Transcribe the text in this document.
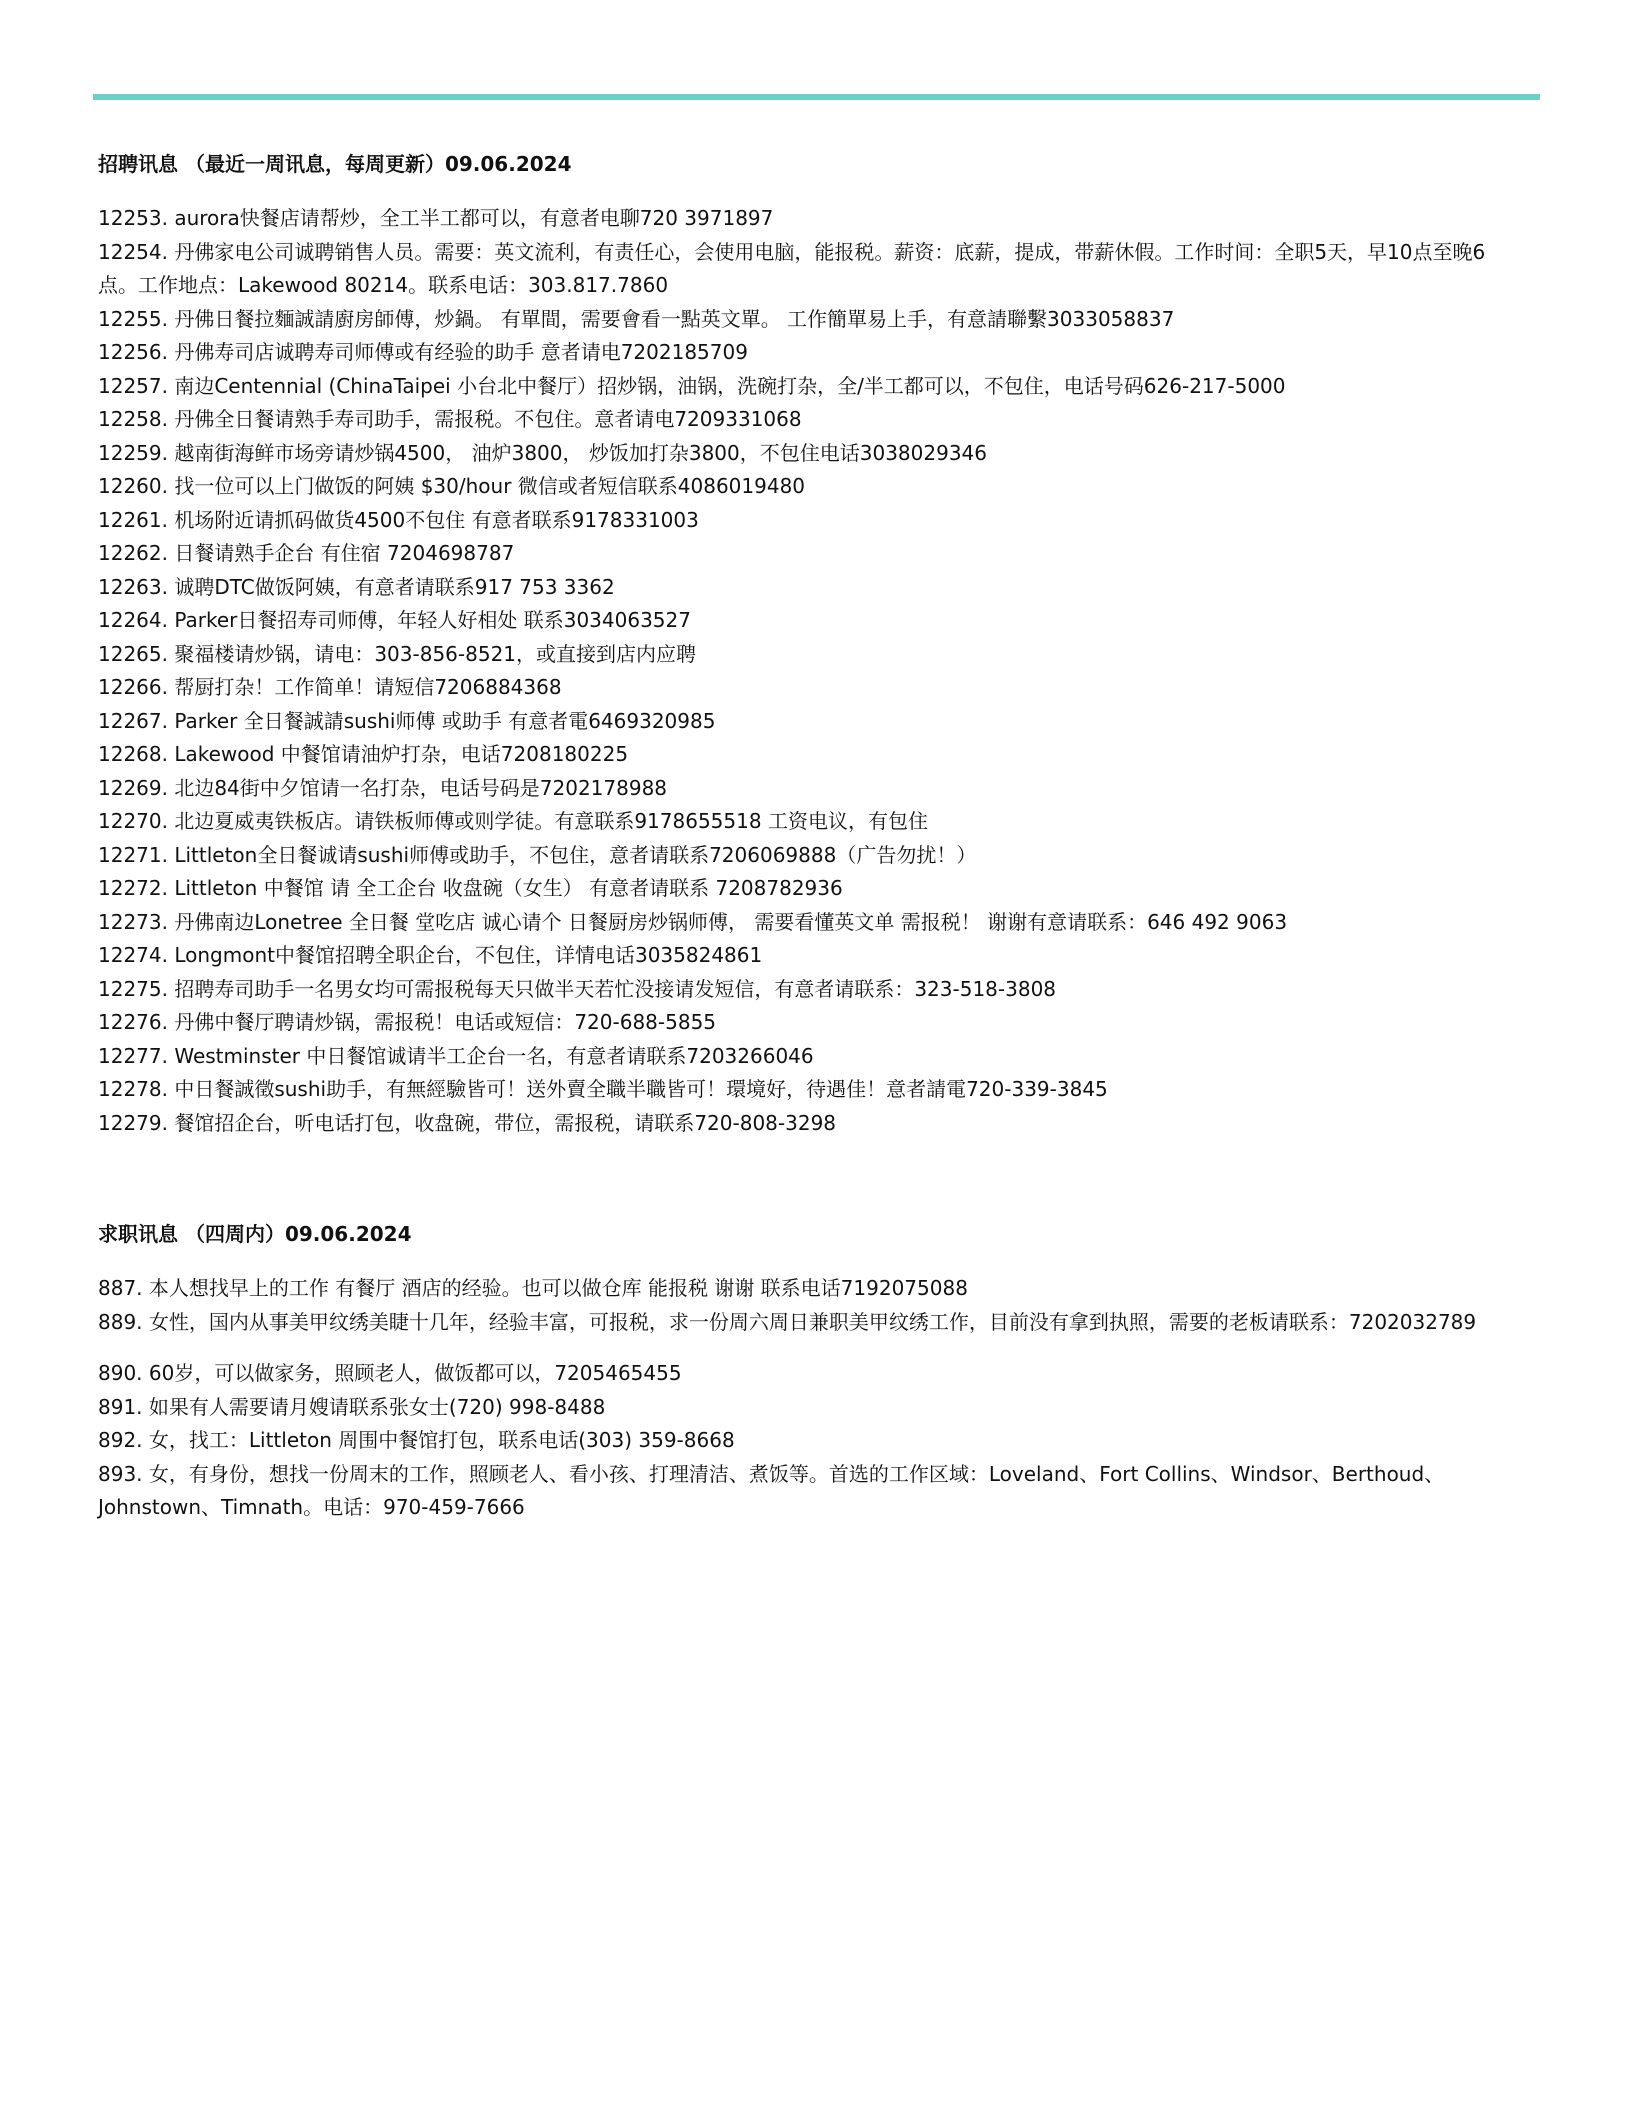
招聘讯息 （最近一周讯息，每周更新）09.06.2024
12253. aurora快餐店请帮炒，全工半工都可以，有意者电聊720 3971897
12254. 丹佛家电公司诚聘销售人员。需要：英文流利，有责任心，会使用电脑，能报税。薪资：底薪，提成，带薪休假。工作时间：全职5天，早10点至晚6点。工作地点：Lakewood 80214。联系电话：303.817.7860
12255. 丹佛日餐拉麵誠請廚房師傅，炒鍋。 有單間，需要會看一點英文單。 工作簡單易上手，有意請聯繫3033058837
12256. 丹佛寿司店诚聘寿司师傅或有经验的助手 意者请电7202185709
12257. 南边Centennial (ChinaTaipei 小台北中餐厅）招炒锅，油锅，洗碗打杂，全/半工都可以，不包住，电话号码626-217-5000
12258. 丹佛全日餐请熟手寿司助手，需报税。不包住。意者请电7209331068
12259. 越南街海鲜市场旁请炒锅4500， 油炉3800， 炒饭加打杂3800，不包住电话3038029346
12260. 找一位可以上门做饭的阿姨 $30/hour 微信或者短信联系4086019480
12261. 机场附近请抓码做货4500不包住 有意者联系9178331003
12262. 日餐请熟手企台 有住宿 7204698787
12263. 诚聘DTC做饭阿姨，有意者请联系917 753 3362
12264. Parker日餐招寿司师傅，年轻人好相处 联系3034063527
12265. 聚福楼请炒锅，请电：303-856-8521，或直接到店内应聘
12266. 帮厨打杂！工作简单！请短信7206884368
12267. Parker 全日餐誠請sushi师傅 或助手 有意者電6469320985
12268. Lakewood 中餐馆请油炉打杂，电话7208180225
12269. 北边84街中夕馆请一名打杂，电话号码是7202178988
12270. 北边夏威夷铁板店。请铁板师傅或则学徒。有意联系9178655518 工资电议，有包住
12271. Littleton全日餐诚请sushi师傅或助手，不包住，意者请联系7206069888（广告勿扰！）
12272. Littleton 中餐馆 请 全工企台 收盘碗（女生） 有意者请联系 7208782936
12273. 丹佛南边Lonetree 全日餐 堂吃店 诚心请个 日餐厨房炒锅师傅， 需要看懂英文单 需报税！ 谢谢有意请联系：646 492 9063
12274. Longmont中餐馆招聘全职企台，不包住，详情电话3035824861
12275. 招聘寿司助手一名男女均可需报税每天只做半天若忙没接请发短信，有意者请联系：323-518-3808
12276. 丹佛中餐厅聘请炒锅，需报税！电话或短信：720-688-5855
12277. Westminster 中日餐馆诚请半工企台一名，有意者请联系7203266046
12278. 中日餐誠徵sushi助手，有無經驗皆可！送外賣全職半職皆可！環境好，待遇佳！意者請電720-339-3845
12279. 餐馆招企台，听电话打包，收盘碗，带位，需报税，请联系720-808-3298
求职讯息 （四周内）09.06.2024
887. 本人想找早上的工作 有餐厅 酒店的经验。也可以做仓库 能报税 谢谢 联系电话7192075088
889. 女性，国内从事美甲纹绣美睫十几年，经验丰富，可报税，求一份周六周日兼职美甲纹绣工作，目前没有拿到执照，需要的老板请联系：7202032789
890. 60岁，可以做家务，照顾老人，做饭都可以，7205465455
891. 如果有人需要请月嫂请联系张女士(720) 998-8488
892. 女，找工：Littleton 周围中餐馆打包，联系电话(303) 359-8668
893. 女，有身份，想找一份周末的工作，照顾老人、看小孩、打理清洁、煮饭等。首选的工作区域：Loveland、Fort Collins、Windsor、Berthoud、Johnstown、Timnath。电话：970-459-7666
